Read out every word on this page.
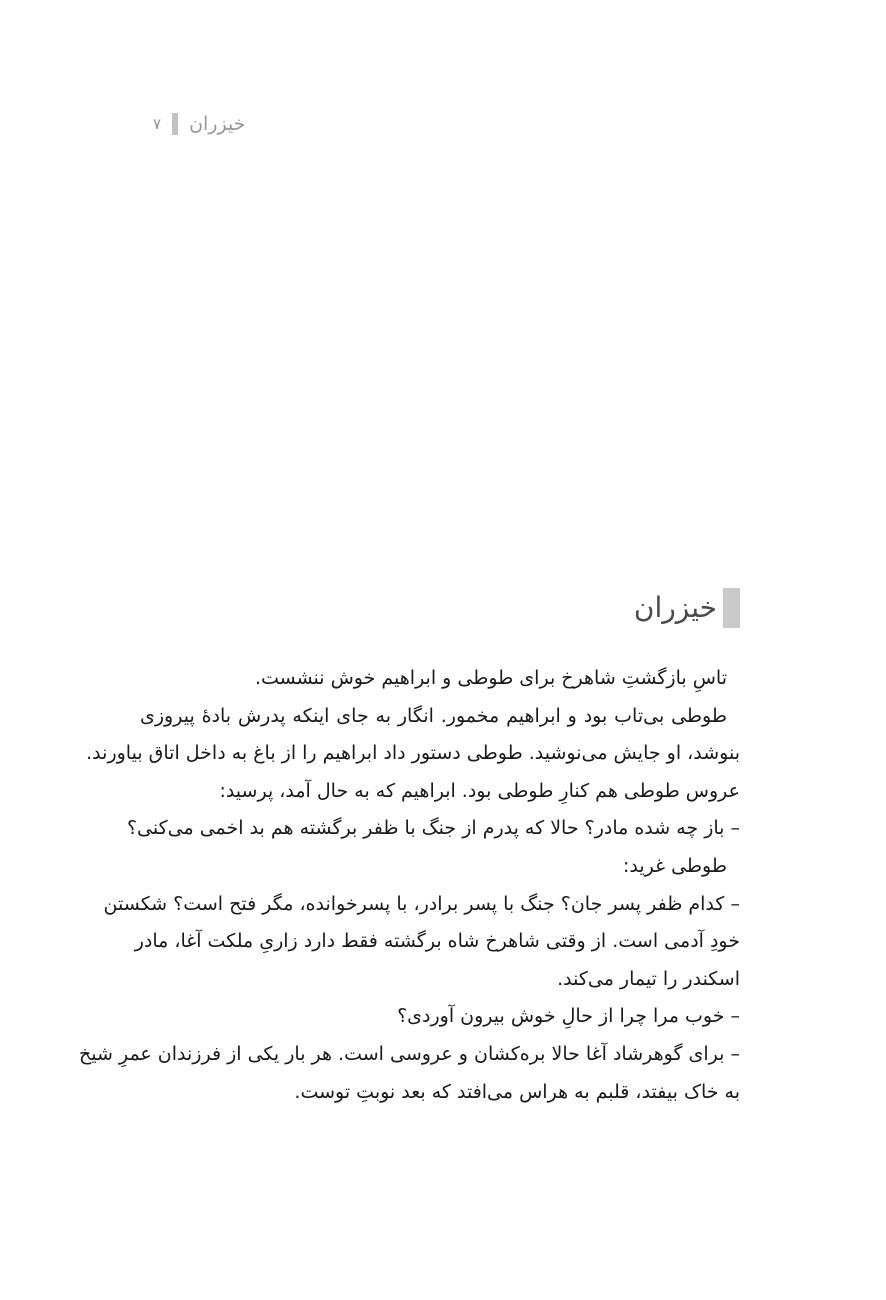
خیزران
۷
خیزران
تاسِ بازگشتِ شاهرخ برای طوطی و ابراهیم خوش ننشست.
طوطی بی‌تاب بود و ابراهیم مخمور. انگار به جای اینکه پدرش بادهٔ پیروزی
بنوشد، او جایش می‌نوشید. طوطی دستور داد ابراهیم را از باغ به داخل اتاق بیاورند.
عروس طوطی هم کنارِ طوطی بود. ابراهیم که به حال آمد، پرسید:
– باز چه شده مادر؟ حالا که پدرم از جنگ با ظفر برگشته هم بد اخمی می‌کنی؟
طوطی غرید:
– کدام ظفر پسر جان؟ جنگ با پسر برادر، با پسرخوانده، مگر فتح است؟ شکستن
خودِ آدمی است. از وقتی شاهرخ شاه برگشته فقط دارد زاریِ ملکت آغا، مادر
اسکندر را تیمار می‌کند.
– خوب مرا چرا از حالِ خوش بیرون آوردی؟
– برای گوهرشاد آغا حالا بره‌کشان و عروسی است. هر بار یکی از فرزندان عمرِ شیخ
به خاک بیفتد، قلبم به هراس می‌افتد که بعد نوبتِ توست.
